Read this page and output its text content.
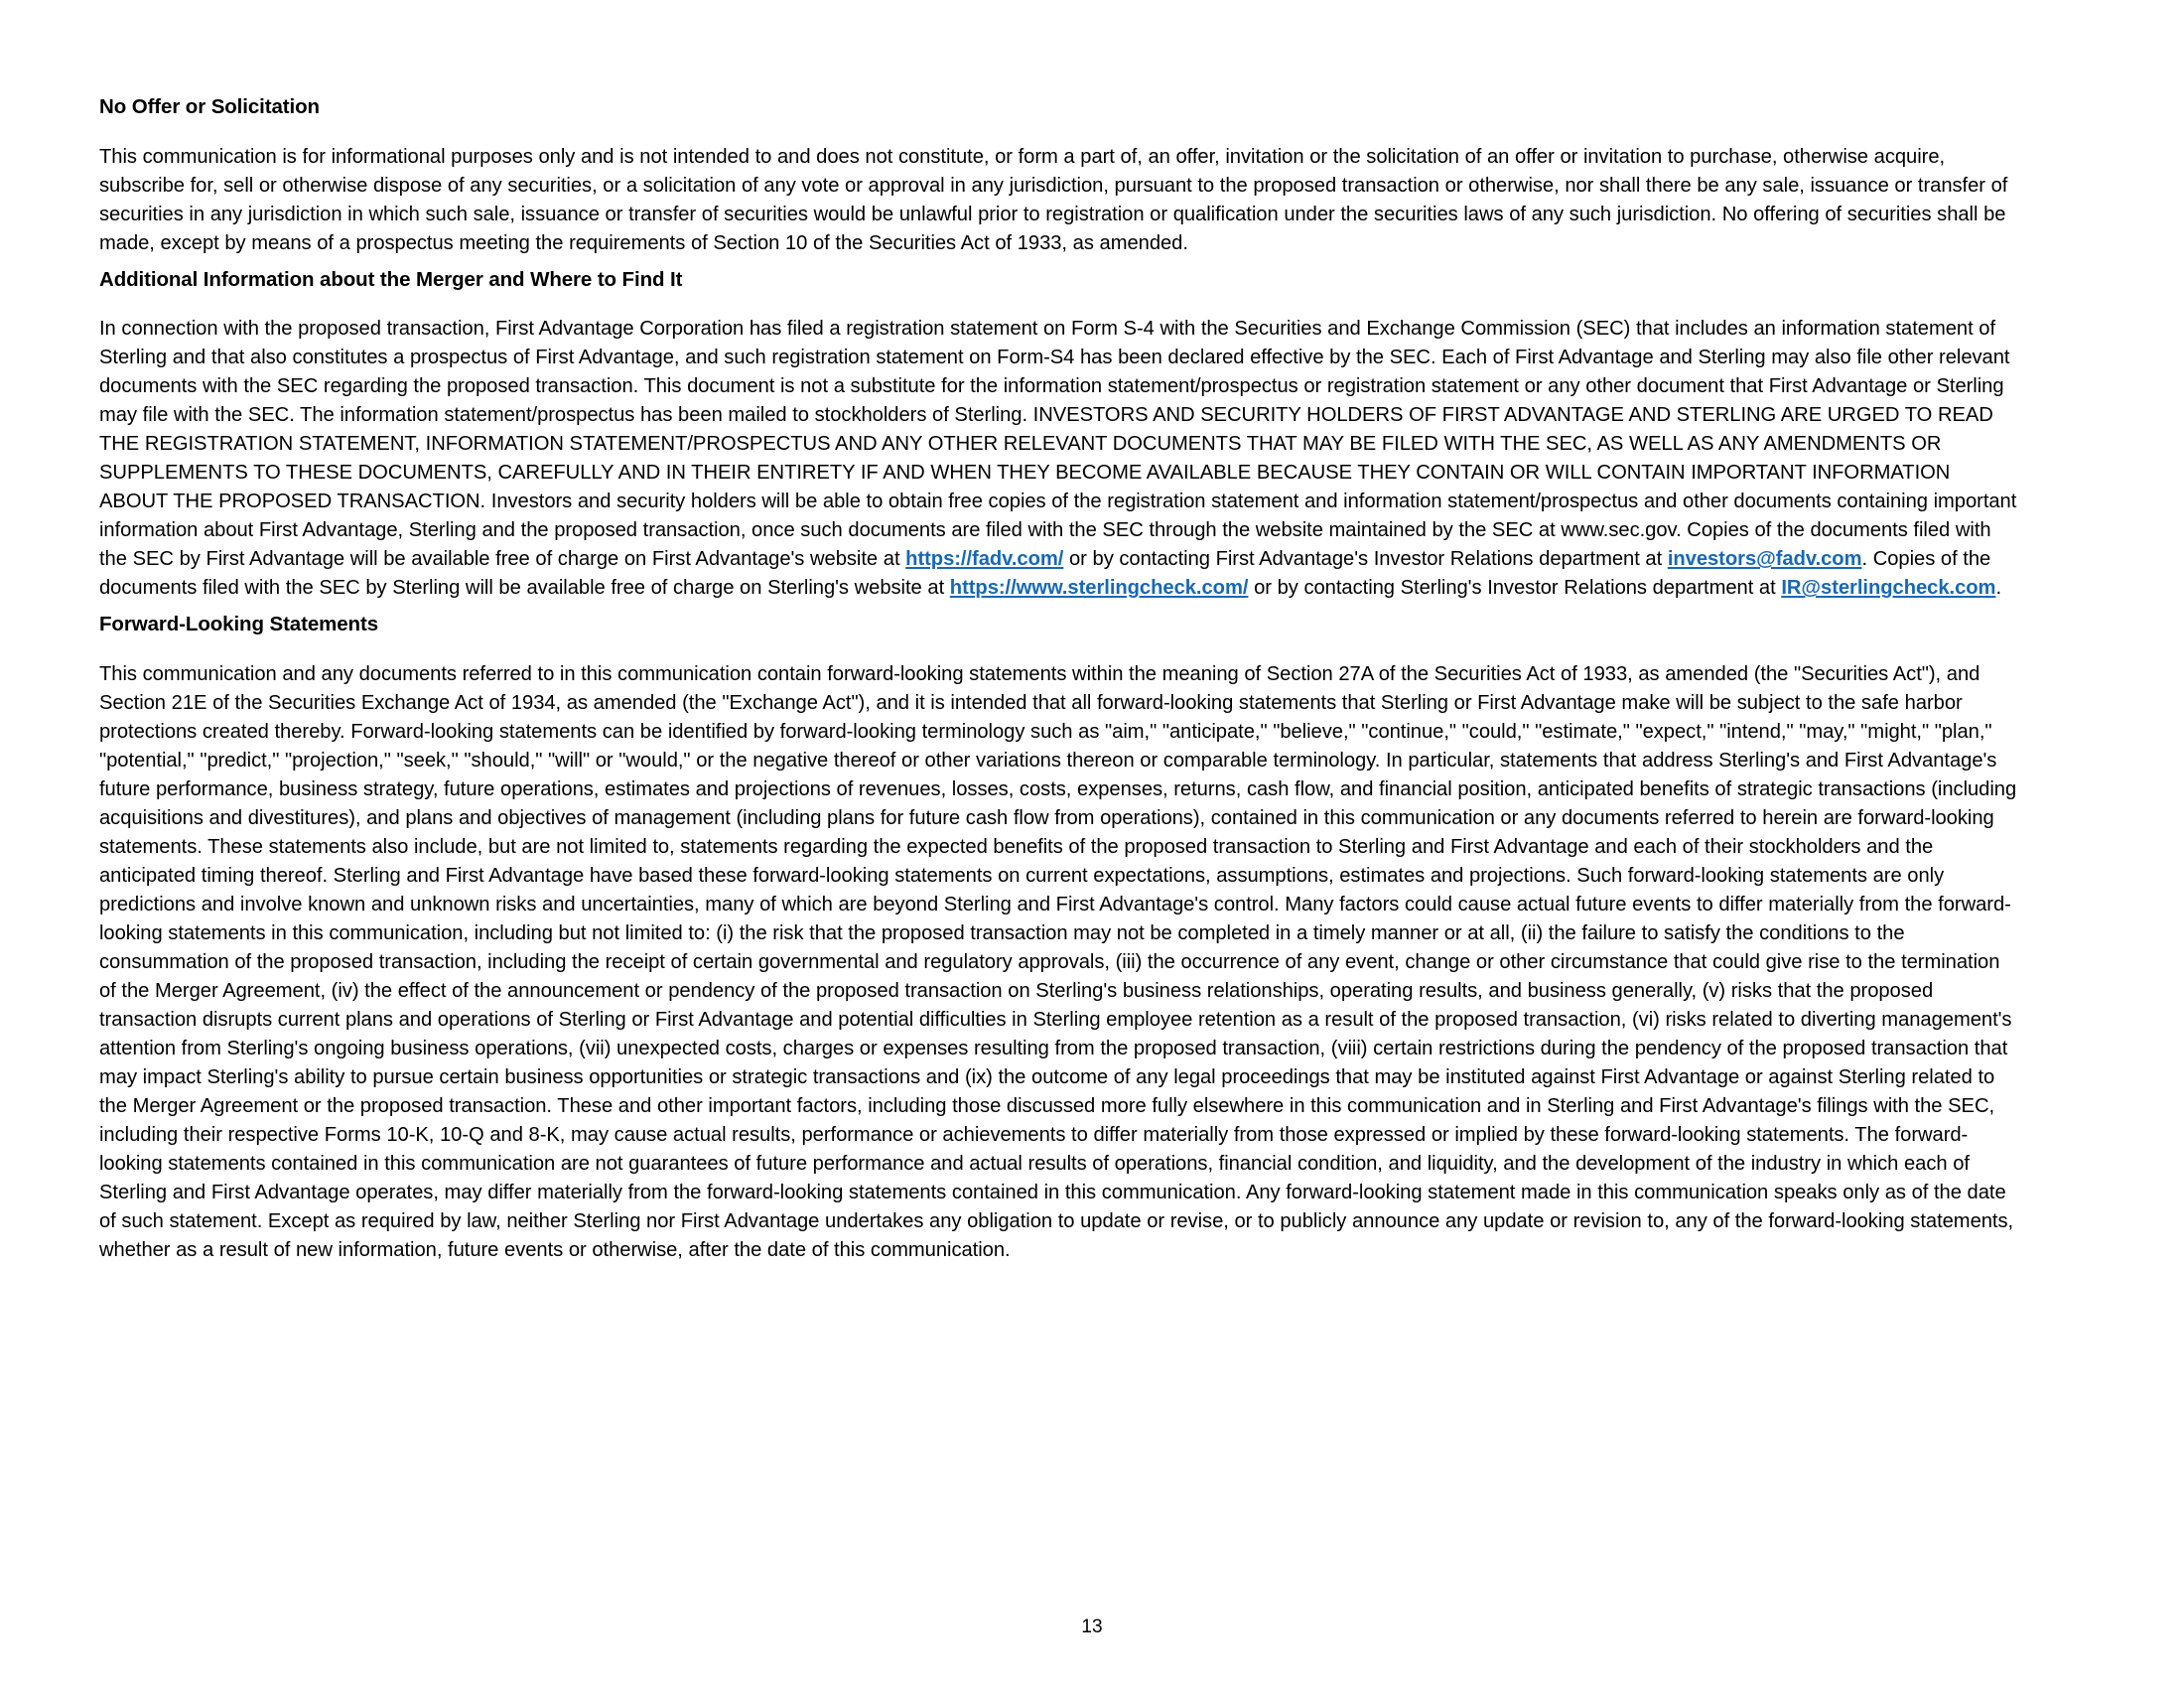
No Offer or Solicitation

This communication is for informational purposes only and is not intended to and does not constitute, or form a part of, an offer, invitation or the solicitation of an offer or invitation to purchase, otherwise acquire, subscribe for, sell or otherwise dispose of any securities, or a solicitation of any vote or approval in any jurisdiction, pursuant to the proposed transaction or otherwise, nor shall there be any sale, issuance or transfer of securities in any jurisdiction in which such sale, issuance or transfer of securities would be unlawful prior to registration or qualification under the securities laws of any such jurisdiction. No offering of securities shall be made, except by means of a prospectus meeting the requirements of Section 10 of the Securities Act of 1933, as amended.

Additional Information about the Merger and Where to Find It

In connection with the proposed transaction, First Advantage Corporation has filed a registration statement on Form S-4 with the Securities and Exchange Commission (SEC) that includes an information statement of Sterling and that also constitutes a prospectus of First Advantage, and such registration statement on Form-S4 has been declared effective by the SEC. Each of First Advantage and Sterling may also file other relevant documents with the SEC regarding the proposed transaction. This document is not a substitute for the information statement/prospectus or registration statement or any other document that First Advantage or Sterling may file with the SEC. The information statement/prospectus has been mailed to stockholders of Sterling. INVESTORS AND SECURITY HOLDERS OF FIRST ADVANTAGE AND STERLING ARE URGED TO READ THE REGISTRATION STATEMENT, INFORMATION STATEMENT/PROSPECTUS AND ANY OTHER RELEVANT DOCUMENTS THAT MAY BE FILED WITH THE SEC, AS WELL AS ANY AMENDMENTS OR SUPPLEMENTS TO THESE DOCUMENTS, CAREFULLY AND IN THEIR ENTIRETY IF AND WHEN THEY BECOME AVAILABLE BECAUSE THEY CONTAIN OR WILL CONTAIN IMPORTANT INFORMATION ABOUT THE PROPOSED TRANSACTION. Investors and security holders will be able to obtain free copies of the registration statement and information statement/prospectus and other documents containing important information about First Advantage, Sterling and the proposed transaction, once such documents are filed with the SEC through the website maintained by the SEC at www.sec.gov. Copies of the documents filed with the SEC by First Advantage will be available free of charge on First Advantage's website at https://fadv.com/ or by contacting First Advantage's Investor Relations department at investors@fadv.com. Copies of the documents filed with the SEC by Sterling will be available free of charge on Sterling's website at https://www.sterlingcheck.com/ or by contacting Sterling's Investor Relations department at IR@sterlingcheck.com.

Forward-Looking Statements

This communication and any documents referred to in this communication contain forward-looking statements within the meaning of Section 27A of the Securities Act of 1933, as amended (the "Securities Act"), and Section 21E of the Securities Exchange Act of 1934, as amended (the "Exchange Act"), and it is intended that all forward-looking statements that Sterling or First Advantage make will be subject to the safe harbor protections created thereby. Forward-looking statements can be identified by forward-looking terminology such as "aim," "anticipate," "believe," "continue," "could," "estimate," "expect," "intend," "may," "might," "plan," "potential," "predict," "projection," "seek," "should," "will" or "would," or the negative thereof or other variations thereon or comparable terminology. In particular, statements that address Sterling's and First Advantage's future performance, business strategy, future operations, estimates and projections of revenues, losses, costs, expenses, returns, cash flow, and financial position, anticipated benefits of strategic transactions (including acquisitions and divestitures), and plans and objectives of management (including plans for future cash flow from operations), contained in this communication or any documents referred to herein are forward-looking statements. These statements also include, but are not limited to, statements regarding the expected benefits of the proposed transaction to Sterling and First Advantage and each of their stockholders and the anticipated timing thereof. Sterling and First Advantage have based these forward-looking statements on current expectations, assumptions, estimates and projections. Such forward-looking statements are only predictions and involve known and unknown risks and uncertainties, many of which are beyond Sterling and First Advantage's control. Many factors could cause actual future events to differ materially from the forward-looking statements in this communication, including but not limited to: (i) the risk that the proposed transaction may not be completed in a timely manner or at all, (ii) the failure to satisfy the conditions to the consummation of the proposed transaction, including the receipt of certain governmental and regulatory approvals, (iii) the occurrence of any event, change or other circumstance that could give rise to the termination of the Merger Agreement, (iv) the effect of the announcement or pendency of the proposed transaction on Sterling's business relationships, operating results, and business generally, (v) risks that the proposed transaction disrupts current plans and operations of Sterling or First Advantage and potential difficulties in Sterling employee retention as a result of the proposed transaction, (vi) risks related to diverting management's attention from Sterling's ongoing business operations, (vii) unexpected costs, charges or expenses resulting from the proposed transaction, (viii) certain restrictions during the pendency of the proposed transaction that may impact Sterling's ability to pursue certain business opportunities or strategic transactions and (ix) the outcome of any legal proceedings that may be instituted against First Advantage or against Sterling related to the Merger Agreement or the proposed transaction. These and other important factors, including those discussed more fully elsewhere in this communication and in Sterling and First Advantage's filings with the SEC, including their respective Forms 10-K, 10-Q and 8-K, may cause actual results, performance or achievements to differ materially from those expressed or implied by these forward-looking statements. The forward-looking statements contained in this communication are not guarantees of future performance and actual results of operations, financial condition, and liquidity, and the development of the industry in which each of Sterling and First Advantage operates, may differ materially from the forward-looking statements contained in this communication. Any forward-looking statement made in this communication speaks only as of the date of such statement. Except as required by law, neither Sterling nor First Advantage undertakes any obligation to update or revise, or to publicly announce any update or revision to, any of the forward-looking statements, whether as a result of new information, future events or otherwise, after the date of this communication.

13
